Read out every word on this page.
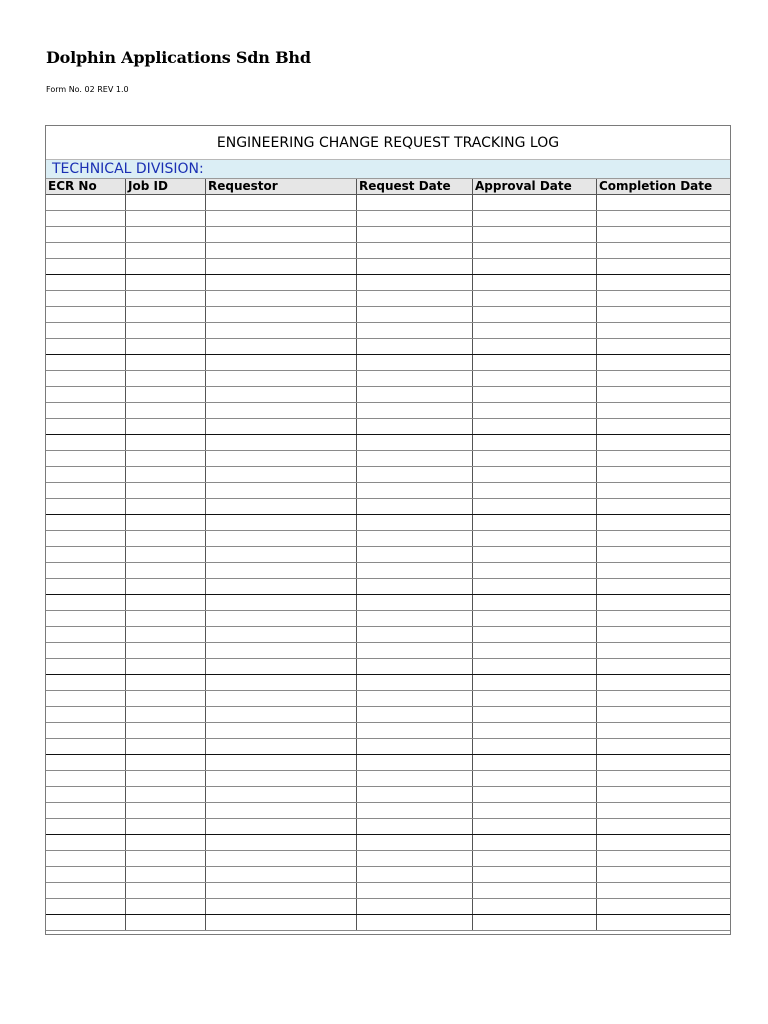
Dolphin Applications Sdn Bhd
Form No. 02 REV 1.0
ENGINEERING CHANGE REQUEST TRACKING LOG
TECHNICAL DIVISION:
ECR No	Job ID	Requestor	Request Date	Approval Date	Completion Date
